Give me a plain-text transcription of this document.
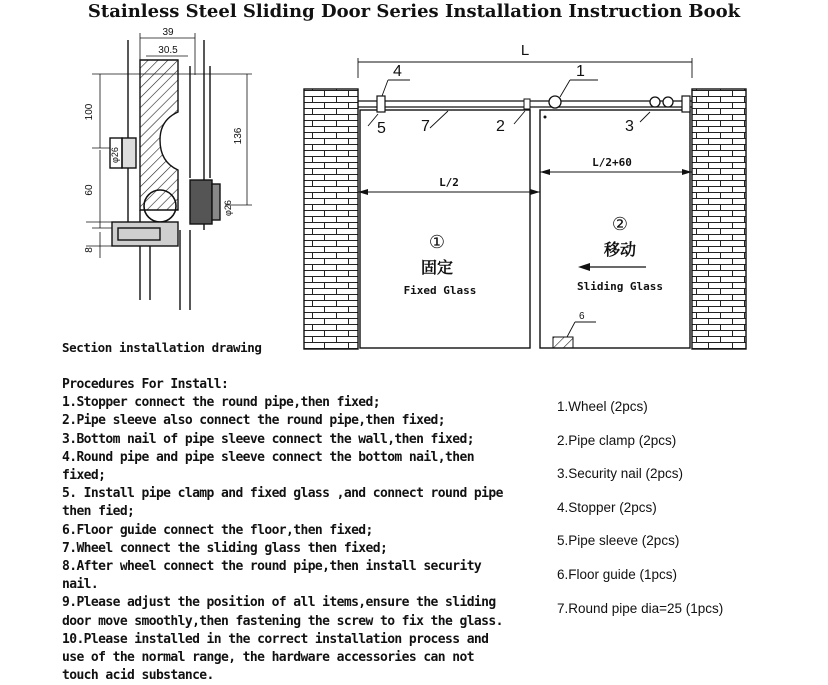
Stainless Steel Sliding Door Series Installation Instruction Book
39
30.5
100
136
φ26
φ26
60
8
L
4	1
5 7	2	3
6
L/2
L/2+60
①
固定
Fixed Glass
②
移动
Sliding Glass
Section installation drawing
Procedures For Install:
1.Stopper connect the round pipe,then fixed;
2.Pipe sleeve also connect the round pipe,then fixed;
3.Bottom nail of pipe sleeve connect the wall,then fixed;
4.Round pipe and pipe sleeve connect the bottom nail,then
fixed;
5. Install pipe clamp and fixed glass ,and connect round pipe
then fied;
6.Floor guide connect the floor,then fixed;
7.Wheel connect the sliding glass then fixed;
8.After wheel connect the round pipe,then install security
nail.
9.Please adjust the position of all items,ensure the sliding
door move smoothly,then fastening the screw to fix the glass.
10.Please installed in the correct installation process and
use of the normal range, the hardware accessories can not
touch acid substance.
1.Wheel (2pcs)
2.Pipe clamp (2pcs)
3.Security nail (2pcs)
4.Stopper (2pcs)
5.Pipe sleeve (2pcs)
6.Floor guide (1pcs)
7.Round pipe dia=25 (1pcs)
